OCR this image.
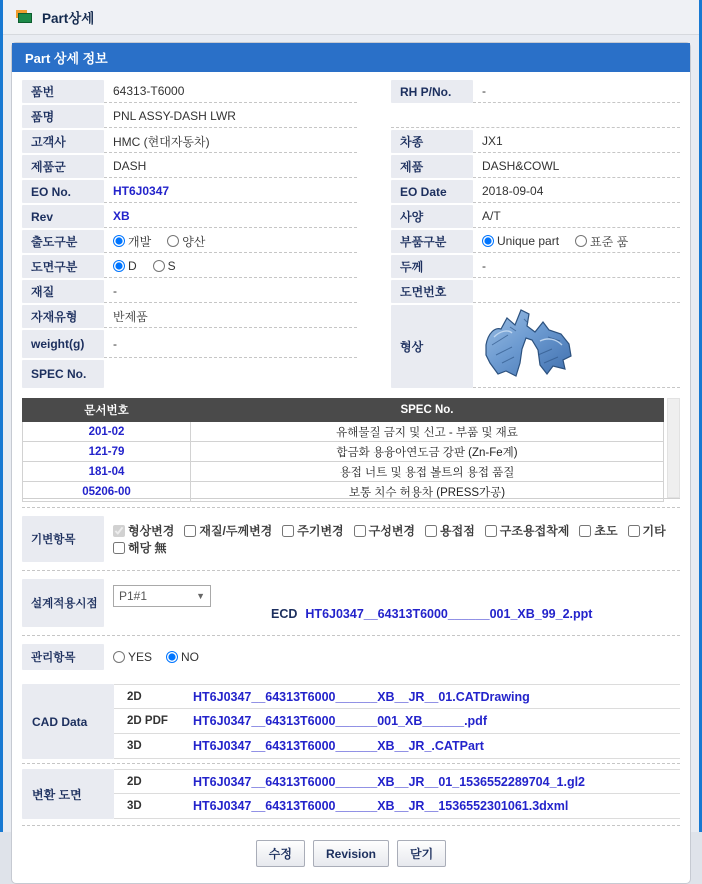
Part상세
Part 상세 정보
품번	64313-T6000	RH P/No.	-
품명	PNL ASSY-DASH LWR
고객사	HMC (현대자동차)	차종	JX1
제품군	DASH	제품	DASH&COWL
EO No.	HT6J0347	EO Date	2018-09-04
Rev	XB	사양	A/T
출도구분	개발	양산	부품구분	Unique part	표준 품
도면구분	D	S	두께	-
재질	-	도면번호
자재유형	반제품
weight(g)	-
SPEC No.
형상
문서번호	SPEC No.
201-02	유해물질 금지 및 신고 - 부품 및 재료
121-79	합금화 용융아연도금 강판 (Zn-Fe계)
181-04	용접 너트 및 용접 볼트의 용접 품질
05206-00	보통 치수 허용차 (PRESS가공)
기변항목
형상변경 재질/두께변경 주기변경 구성변경 용접점 구조용접착제 초도 기타
해당 無
설계적용시점
P1#1	▼
ECD HT6J0347__64313T6000______001_XB_99_2.ppt
관리항목	YES NO
CAD Data
2D	HT6J0347__64313T6000______XB__JR__01.CATDrawing
2D PDF	HT6J0347__64313T6000______001_XB______.pdf
3D	HT6J0347__64313T6000______XB__JR_.CATPart
변환 도면
2D	HT6J0347__64313T6000______XB__JR__01_1536552289704_1.gl2
3D	HT6J0347__64313T6000______XB__JR__1536552301061.3dxml
수정	Revision	닫기
